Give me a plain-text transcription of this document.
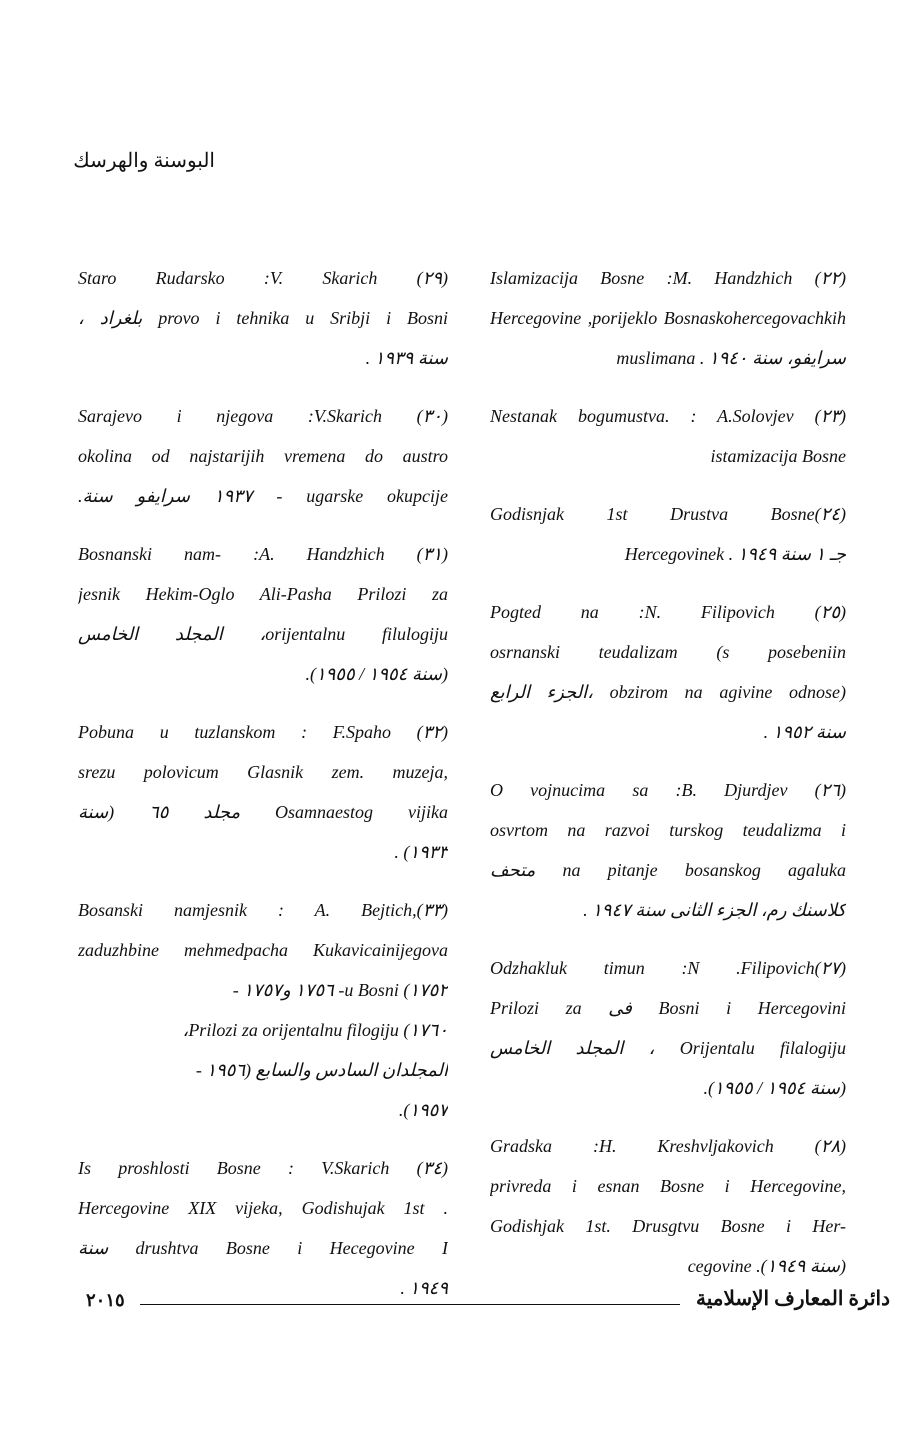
البوسنة والهرسك
Staro Rudarsko :V. Skarich (٢٩)
، بلغراد provo i tehnika u Sribji i Bosni
سنة ١٩٣٩ .
Sarajevo i njegova :V.Skarich (٣٠)
okolina od najstarijih vremena do austro
.١٩٣٧ سرايفو سنة - ugarske okupcije
Bosnanski nam- :A. Handzhich (٣١)
jesnik Hekim-Oglo Ali-Pasha Prilozi za
المجلد الخامس ،orijentalnu filulogiju
(سنة ١٩٥٤ / ١٩٥٥).
Pobuna u tuzlanskom : F.Spaho (٣٢)
srezu polovicum Glasnik zem. muzeja,
مجلد ٦٥ (سنة Osamnaestog vijika
١٩٣٣) .
Bosanski namjesnik : A. Bejtich,(٣٣)
zaduzhbine mehmedpacha Kukavicainijegova
١٧٥٢) u Bosni- ١٧٥٦ و١٧٥٧ -
١٧٦٠) Prilozi za orijentalnu filogiju،
المجلدان السادس والسابع (١٩٥٦ -
١٩٥٧).
Is proshlosti Bosne : V.Skarich (٣٤)
Hercegovine XIX vijeka, Godishujak 1st .
سنة drushtva Bosne i Hecegovine I
١٩٤٩ .
Islamizacija Bosne :M. Handzhich (٢٢)
Hercegovine ,porijeklo Bosnaskohercegovachkih
سرايفو، سنة ١٩٤٠ . muslimana
Nestanak bogumustva. : A.Solovjev (٢٣)
istamizacija Bosne
Godisnjak 1st Drustva Bosne(٢٤)
جـ ١ سنة ١٩٤٩ . Hercegovinek
Pogted na :N. Filipovich (٢٥)
osrnanski teudalizam (s posebeniin
الجزء الرابع، obzirom na agivine odnose)
سنة ١٩٥٢ .
O vojnucima sa :B. Djurdjev (٢٦)
osvrtom na razvoi turskog teudalizma i
متحف na pitanje bosanskog agaluka
كلاسنك رم، الجزء الثانى سنة ١٩٤٧ .
Odzhakluk timun :N .Filipovich(٢٧)
Prilozi za فى Bosni i Hercegovini
المجلد الخامس ، Orijentalu filalogiju
(سنة ١٩٥٤ / ١٩٥٥).
Gradska :H. Kreshvljakovich (٢٨)
privreda i esnan Bosne i Hercegovine,
Godishjak 1st. Drusgtvu Bosne i Her-
(سنة ١٩٤٩). cegovine
٢٠١٥	دائرة المعارف الإسلامية
